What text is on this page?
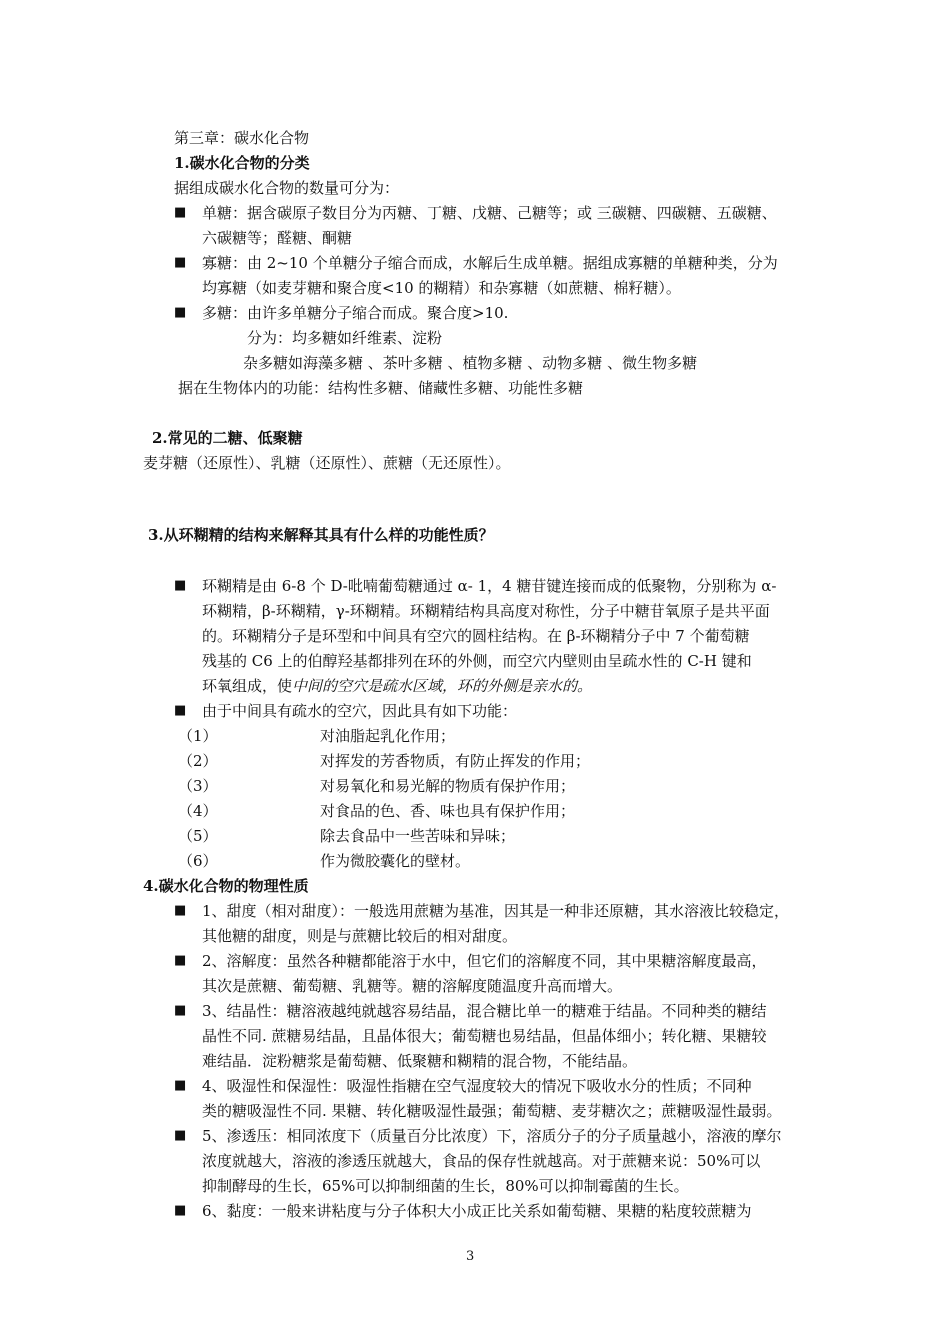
第三章：碳水化合物
1.碳水化合物的分类
据组成碳水化合物的数量可分为：
■ 单糖：据含碳原子数目分为丙糖、丁糖、戊糖、己糖等；或 三碳糖、四碳糖、五碳糖、
六碳糖等；醛糖、酮糖
■ 寡糖：由 2~10 个单糖分子缩合而成，水解后生成单糖。据组成寡糖的单糖种类，分为
均寡糖（如麦芽糖和聚合度<10 的糊精）和杂寡糖（如蔗糖、棉籽糖）。
■ 多糖：由许多单糖分子缩合而成。聚合度>10.
分为：均多糖如纤维素、淀粉
杂多糖如海藻多糖 、茶叶多糖 、植物多糖 、动物多糖 、微生物多糖
据在生物体内的功能：结构性多糖、储藏性多糖、功能性多糖
2.常见的二糖、低聚糖
麦芽糖（还原性）、乳糖（还原性）、蔗糖（无还原性）。
3.从环糊精的结构来解释其具有什么样的功能性质？
■ 环糊精是由 6-8 个 D-吡喃葡萄糖通过 α- 1，4 糖苷键连接而成的低聚物，分别称为 α-
环糊精，β-环糊精，γ-环糊精。环糊精结构具高度对称性，分子中糖苷氧原子是共平面
的。环糊精分子是环型和中间具有空穴的圆柱结构。在 β-环糊精分子中 7 个葡萄糖
残基的 C6 上的伯醇羟基都排列在环的外侧，而空穴内壁则由呈疏水性的 C-H 键和
环氧组成，使中间的空穴是疏水区域，环的外侧是亲水的。
■ 由于中间具有疏水的空穴，因此具有如下功能：
（1）	对油脂起乳化作用；
（2）	对挥发的芳香物质，有防止挥发的作用；
（3）	对易氧化和易光解的物质有保护作用；
（4）	对食品的色、香、味也具有保护作用；
（5）	除去食品中一些苦味和异味；
（6）	作为微胶囊化的壁材。
4.碳水化合物的物理性质
■ 1、甜度（相对甜度）：一般选用蔗糖为基准，因其是一种非还原糖，其水溶液比较稳定，
其他糖的甜度，则是与蔗糖比较后的相对甜度。
■ 2、溶解度：虽然各种糖都能溶于水中，但它们的溶解度不同，其中果糖溶解度最高，
其次是蔗糖、葡萄糖、乳糖等。糖的溶解度随温度升高而增大。
■ 3、结晶性：糖溶液越纯就越容易结晶，混合糖比单一的糖难于结晶。不同种类的糖结
晶性不同. 蔗糖易结晶，且晶体很大；葡萄糖也易结晶，但晶体细小；转化糖、果糖较
难结晶．淀粉糖浆是葡萄糖、低聚糖和糊精的混合物，不能结晶。
■ 4、吸湿性和保湿性：吸湿性指糖在空气湿度较大的情况下吸收水分的性质；不同种
类的糖吸湿性不同. 果糖、转化糖吸湿性最强；葡萄糖、麦芽糖次之；蔗糖吸湿性最弱。
■ 5、渗透压：相同浓度下（质量百分比浓度）下，溶质分子的分子质量越小，溶液的摩尔
浓度就越大，溶液的渗透压就越大，食品的保存性就越高。对于蔗糖来说：50%可以
抑制酵母的生长，65%可以抑制细菌的生长，80%可以抑制霉菌的生长。
■ 6、黏度：一般来讲粘度与分子体积大小成正比关系如葡萄糖、果糖的粘度较蔗糖为
3
